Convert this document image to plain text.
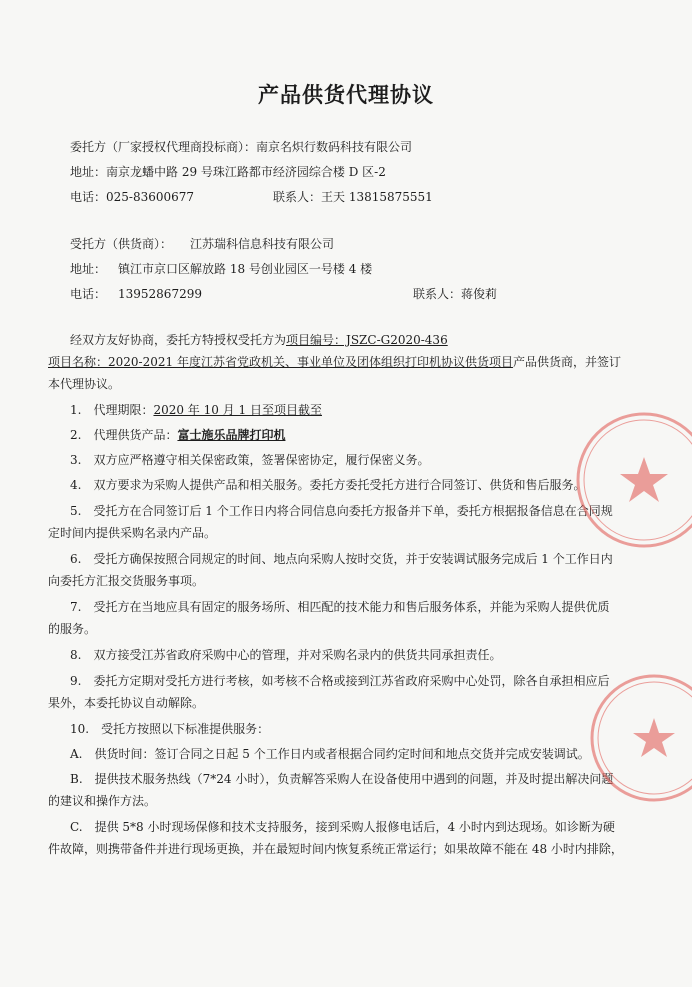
产品供货代理协议
委托方（厂家授权代理商投标商）：南京名炽行数码科技有限公司
地址：南京龙蟠中路 29 号珠江路都市经济园综合楼 D 区-2
电话：025-83600677	联系人：王天 13815875551
受托方（供货商）： 江苏瑞科信息科技有限公司
地址： 镇江市京口区解放路 18 号创业园区一号楼 4 楼
电话： 13952867299	联系人：蒋俊莉
经双方友好协商，委托方特授权受托方为项目编号：JSZC-G2020-436
项目名称：2020-2021 年度江苏省党政机关、事业单位及团体组织打印机协议供货项目产品供货商，并签订
本代理协议。
1.　代理期限：2020 年 10 月 1 日至项目截至
2.　代理供货产品：富士施乐品牌打印机
3.　双方应严格遵守相关保密政策，签署保密协定，履行保密义务。
4.　双方要求为采购人提供产品和相关服务。委托方委托受托方进行合同签订、供货和售后服务。
5.　受托方在合同签订后 1 个工作日内将合同信息向委托方报备并下单，委托方根据报备信息在合同规
定时间内提供采购名录内产品。
6.　受托方确保按照合同规定的时间、地点向采购人按时交货，并于安装调试服务完成后 1 个工作日内
向委托方汇报交货服务事项。
7.　受托方在当地应具有固定的服务场所、相匹配的技术能力和售后服务体系，并能为采购人提供优质
的服务。
8.　双方接受江苏省政府采购中心的管理，并对采购名录内的供货共同承担责任。
9.　委托方定期对受托方进行考核，如考核不合格或接到江苏省政府采购中心处罚，除各自承担相应后
果外，本委托协议自动解除。
10.　受托方按照以下标准提供服务：
A.　供货时间：签订合同之日起 5 个工作日内或者根据合同约定时间和地点交货并完成安装调试。
B.　提供技术服务热线（7*24 小时），负责解答采购人在设备使用中遇到的问题，并及时提出解决问题
的建议和操作方法。
C.　提供 5*8 小时现场保修和技术支持服务，接到采购人报修电话后，4 小时内到达现场。如诊断为硬
件故障，则携带备件并进行现场更换，并在最短时间内恢复系统正常运行；如果故障不能在 48 小时内排除，
